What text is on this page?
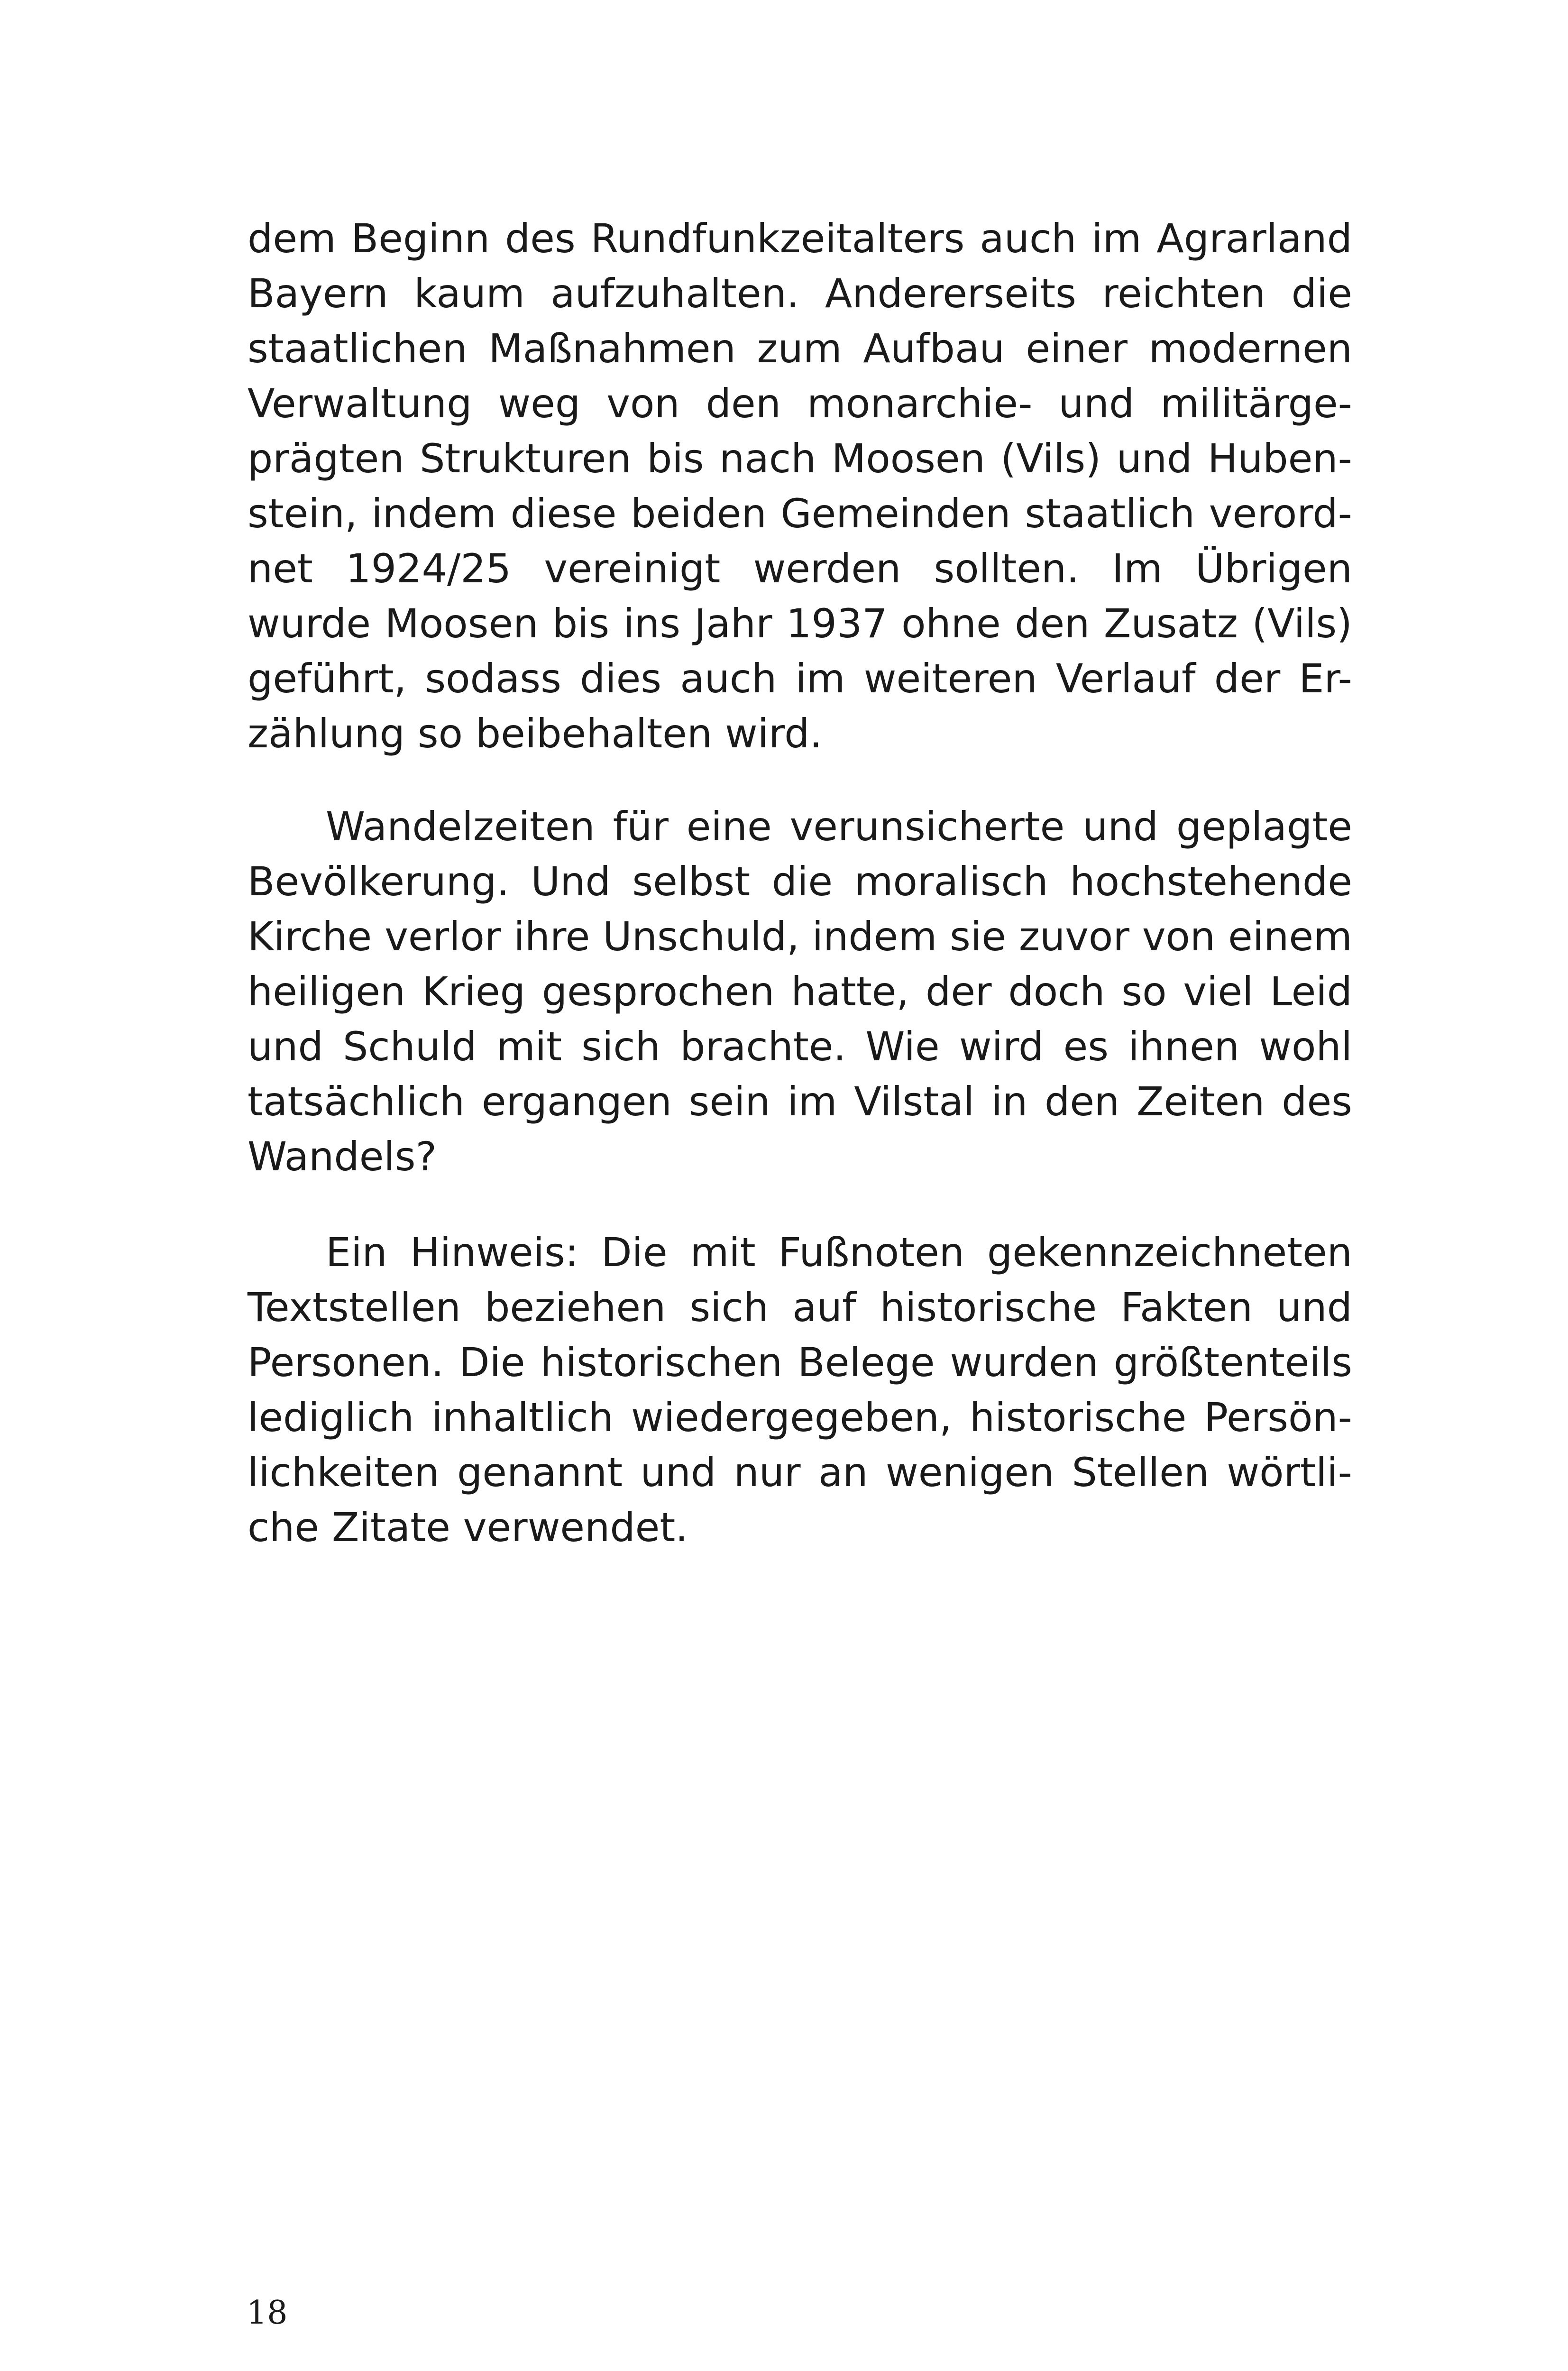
dem Beginn des Rundfunkzeitalters auch im Agrarland
Bayern kaum aufzuhalten. Andererseits reichten die
staatlichen Maßnahmen zum Aufbau einer modernen
Verwaltung weg von den monarchie- und militärge-
prägten Strukturen bis nach Moosen (Vils) und Huben-
stein, indem diese beiden Gemeinden staatlich verord-
net 1924/25 vereinigt werden sollten. Im Übrigen
wurde Moosen bis ins Jahr 1937 ohne den Zusatz (Vils)
geführt, sodass dies auch im weiteren Verlauf der Er-
zählung so beibehalten wird.
Wandelzeiten für eine verunsicherte und geplagte
Bevölkerung. Und selbst die moralisch hochstehende
Kirche verlor ihre Unschuld, indem sie zuvor von einem
heiligen Krieg gesprochen hatte, der doch so viel Leid
und Schuld mit sich brachte. Wie wird es ihnen wohl
tatsächlich ergangen sein im Vilstal in den Zeiten des
Wandels?
Ein Hinweis: Die mit Fußnoten gekennzeichneten
Textstellen beziehen sich auf historische Fakten und
Personen. Die historischen Belege wurden größtenteils
lediglich inhaltlich wiedergegeben, historische Persön-
lichkeiten genannt und nur an wenigen Stellen wörtli-
che Zitate verwendet.
18
